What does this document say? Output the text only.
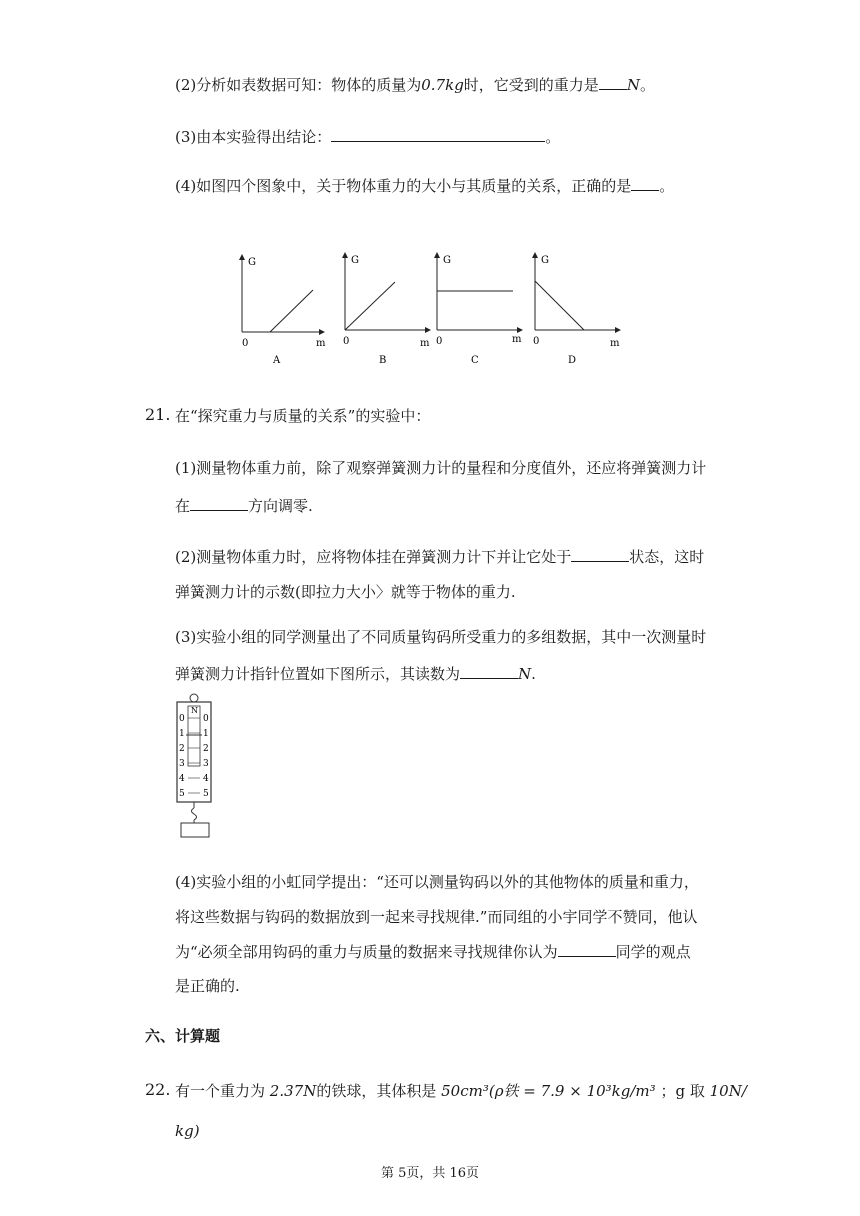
(2)分析如表数据可知：物体的质量为0.7kg时，它受到的重力是 N。
(3)由本实验得出结论：	。
(4)如图四个图象中，关于物体重力的大小与其质量的关系，正确的是 。
G
0	m
A
G
0	m
B
G
0	m
C
G
0	m
D
21. 在“探究重力与质量的关系”的实验中：
(1)测量物体重力前，除了观察弹簧测力计的量程和分度值外，还应将弹簧测力计
在	方向调零.
(2)测量物体重力时，应将物体挂在弹簧测力计下并让它处于	状态，这时
弹簧测力计的示数(即拉力大小〉就等于物体的重力.
(3)实验小组的同学测量出了不同质量钩码所受重力的多组数据，其中一次测量时
弹簧测力计指针位置如下图所示，其读数为	N.
N
0 0
1 1
2 2
3 3
4 4
5 5
(4)实验小组的小虹同学提出：“还可以测量钩码以外的其他物体的质量和重力，
将这些数据与钩码的数据放到一起来寻找规律.”而同组的小宇同学不赞同，他认
为“必须全部用钩码的重力与质量的数据来寻找规律你认为	同学的观点
是正确的.
六、计算题
22. 有一个重力为 2.37N的铁球，其体积是 50cm³(ρ铁 = 7.9 × 10³kg/m³ ；g 取 10N/
kg)
第 5页，共 16页
